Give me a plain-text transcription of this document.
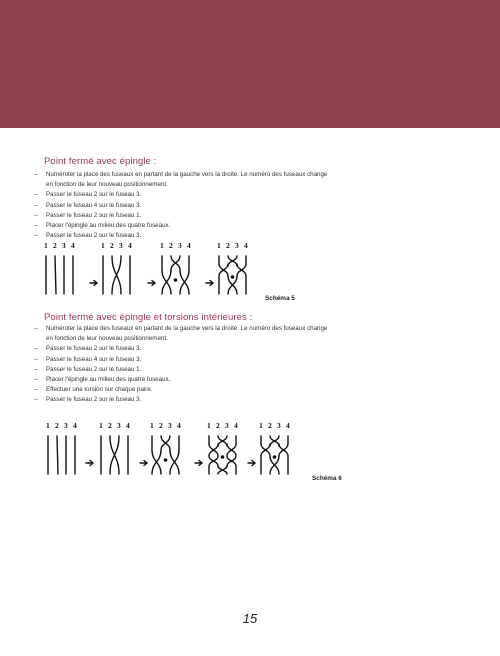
Point fermé avec épingle :
– Numéroter la place des fuseaux en partant de la gauche vers la droite. Le numéro des fuseaux change
en fonction de leur nouveau positionnement.
– Passer le fuseau 2 sur le fuseau 3.
– Passer le fuseau 4 sur le fuseau 3.
– Passer le fuseau 2 sur le fuseau 1.
– Placer l'épingle au milieu des quatre fuseaux.
– Passer le fuseau 2 sur le fuseau 3.
1 2 3 4	1 2 3 4	1 2 3 4	1 2 3 4
Schéma 5
Point fermé avec épingle et torsions intérieures :
– Numéroter la place des fuseaux en partant de la gauche vers la droite. Le numéro des fuseaux change
en fonction de leur nouveau positionnement.
– Passer le fuseau 2 sur le fuseau 3.
– Passer le fuseau 4 sur le fuseau 3.
– Passer le fuseau 2 sur le fuseau 1.
– Placer l'épingle au milieu des quatre fuseaux.
– Effectuer une torsion sur chaque paire.
– Passer le fuseau 2 sur le fuseau 3.
1 2 3 4	1 2 3 4	1 2 3 4	1 2 3 4	1 2 3 4
Schéma 6
15
